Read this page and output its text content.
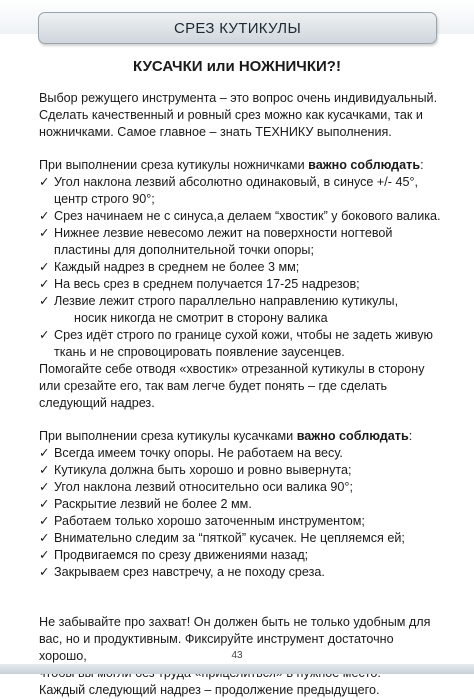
СРЕЗ КУТИКУЛЫ
КУСАЧКИ или НОЖНИЧКИ?!

Выбор режущего инструмента – это вопрос очень индивидуальный.

Сделать качественный и ровный срез можно как кусачками, так и

ножничками. Самое главное – знать ТЕХНИКУ выполнения.

При выполнении среза кутикулы ножничками важно соблюдать:

✓ Угол наклона лезвий абсолютно одинаковый, в синусе +/- 45°,
центр строго 90°;
✓ Срез начинаем не с синуса,а делаем “хвостик” у бокового валика.
✓ Нижнее лезвие невесомо лежит на поверхности ногтевой
пластины для дополнительной точки опоры;
✓ Каждый надрез в среднем не более 3 мм;
✓ На весь срез в среднем получается 17-25 надрезов;
✓ Лезвие лежит строго параллельно направлению кутикулы,
носик никогда не смотрит в сторону валика
✓ Срез идёт строго по границе сухой кожи, чтобы не задеть живую
ткань и не спровоцировать появление заусенцев.

Помогайте себе отводя «хвостик» отрезанной кутикулы в сторону

или срезайте его, так вам легче будет понять – где сделать

следующий надрез.

При выполнении среза кутикулы кусачками важно соблюдать:

✓ Всегда имеем точку опоры. Не работаем на весу.
✓ Кутикула должна быть хорошо и ровно вывернута;
✓ Угол наклона лезвий относительно оси валика 90°;
✓ Раскрытие лезвий не более 2 мм.
✓ Работаем только хорошо заточенным инструментом;
✓ Внимательно следим за “пяткой” кусачек. Не цепляемся ей;
✓ Продвигаемся по срезу движениями назад;
✓ Закрываем срез навстречу, а не походу среза.

Не забывайте про захват! Он должен быть не только удобным для

вас, но и продуктивным. Фиксируйте инструмент достаточно хорошо,

Каждый следующий надрез – продолжение предыдущего.

43
